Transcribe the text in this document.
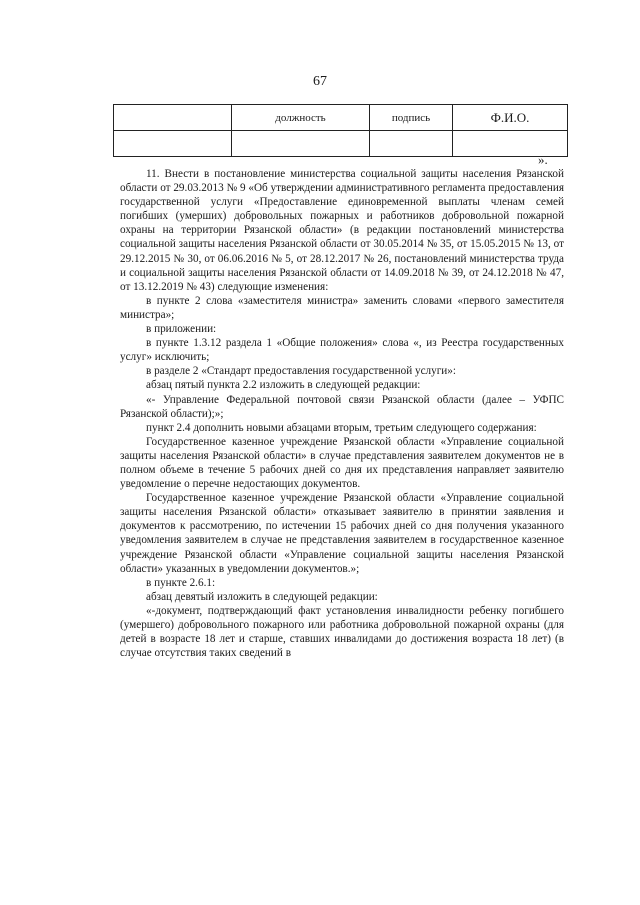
67
	должность	подпись	Ф.И.О.

».

11. Внести в постановление министерства социальной защиты населения Рязанской области от 29.03.2013 № 9 «Об утверждении административного регламента предоставления государственной услуги «Предоставление единовременной выплаты членам семей погибших (умерших) добровольных пожарных и работников добровольной пожарной охраны на территории Рязанской области» (в редакции постановлений министерства социальной защиты населения Рязанской области от 30.05.2014 № 35, от 15.05.2015 № 13, от 29.12.2015 № 30, от 06.06.2016 № 5, от 28.12.2017 № 26, постановлений министерства труда и социальной защиты населения Рязанской области от 14.09.2018 № 39, от 24.12.2018 № 47, от 13.12.2019 № 43) следующие изменения:

в пункте 2 слова «заместителя министра» заменить словами «первого заместителя министра»;

в приложении:

в пункте 1.3.12 раздела 1 «Общие положения» слова «, из Реестра государственных услуг» исключить;

в разделе 2 «Стандарт предоставления государственной услуги»:

абзац пятый пункта 2.2 изложить в следующей редакции:

«- Управление Федеральной почтовой связи Рязанской области (далее – УФПС Рязанской области);»;

пункт 2.4 дополнить новыми абзацами вторым, третьим следующего содержания:

Государственное казенное учреждение Рязанской области «Управление социальной защиты населения Рязанской области» в случае представления заявителем документов не в полном объеме в течение 5 рабочих дней со дня их представления направляет заявителю уведомление о перечне недостающих документов.

Государственное казенное учреждение Рязанской области «Управление социальной защиты населения Рязанской области» отказывает заявителю в принятии заявления и документов к рассмотрению, по истечении 15 рабочих дней со дня получения указанного уведомления заявителем в случае не представления заявителем в государственное казенное учреждение Рязанской области «Управление социальной защиты населения Рязанской области» указанных в уведомлении документов.»;

в пункте 2.6.1:

абзац девятый изложить в следующей редакции:

«-документ, подтверждающий факт установления инвалидности ребенку погибшего (умершего) добровольного пожарного или работника добровольной пожарной охраны (для детей в возрасте 18 лет и старше, ставших инвалидами до достижения возраста 18 лет) (в случае отсутствия таких сведений в
